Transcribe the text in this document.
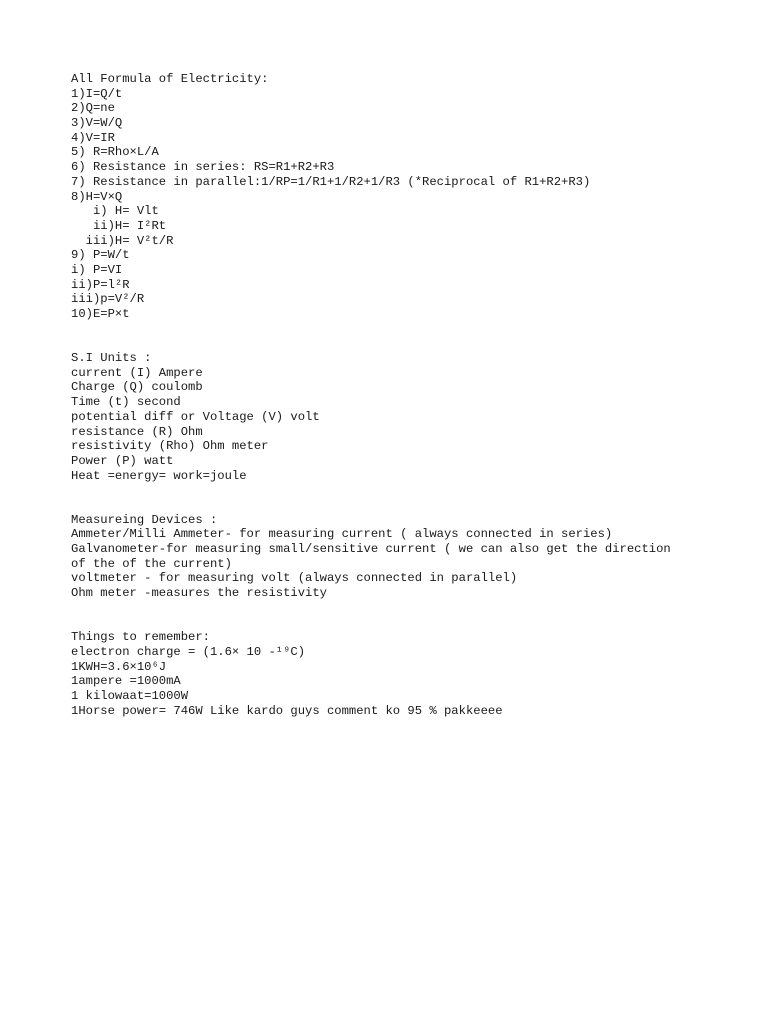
All Formula of Electricity:
1)I=Q/t
2)Q=ne
3)V=W/Q
4)V=IR
5) R=Rho×L/A
6) Resistance in series: RS=R1+R2+R3
7) Resistance in parallel:1/RP=1/R1+1/R2+1/R3 (*Reciprocal of R1+R2+R3)
8)H=V×Q
i) H= Vlt
ii)H= I²Rt
iii)H= V²t/R
9) P=W/t
i) P=VI
ii)P=l²R
iii)p=V²/R
10)E=P×t
S.I Units :
current (I) Ampere
Charge (Q) coulomb
Time (t) second
potential diff or Voltage (V) volt
resistance (R) Ohm
resistivity (Rho) Ohm meter
Power (P) watt
Heat =energy= work=joule
Measureing Devices :
Ammeter/Milli Ammeter- for measuring current ( always connected in series)
Galvanometer-for measuring small/sensitive current ( we can also get the direction
of the of the current)
voltmeter - for measuring volt (always connected in parallel)
Ohm meter -measures the resistivity
Things to remember:
electron charge = (1.6× 10 -¹⁹C)
1KWH=3.6×10⁶J
1ampere =1000mA
1 kilowaat=1000W
1Horse power= 746W Like kardo guys comment ko 95 % pakkeeee
